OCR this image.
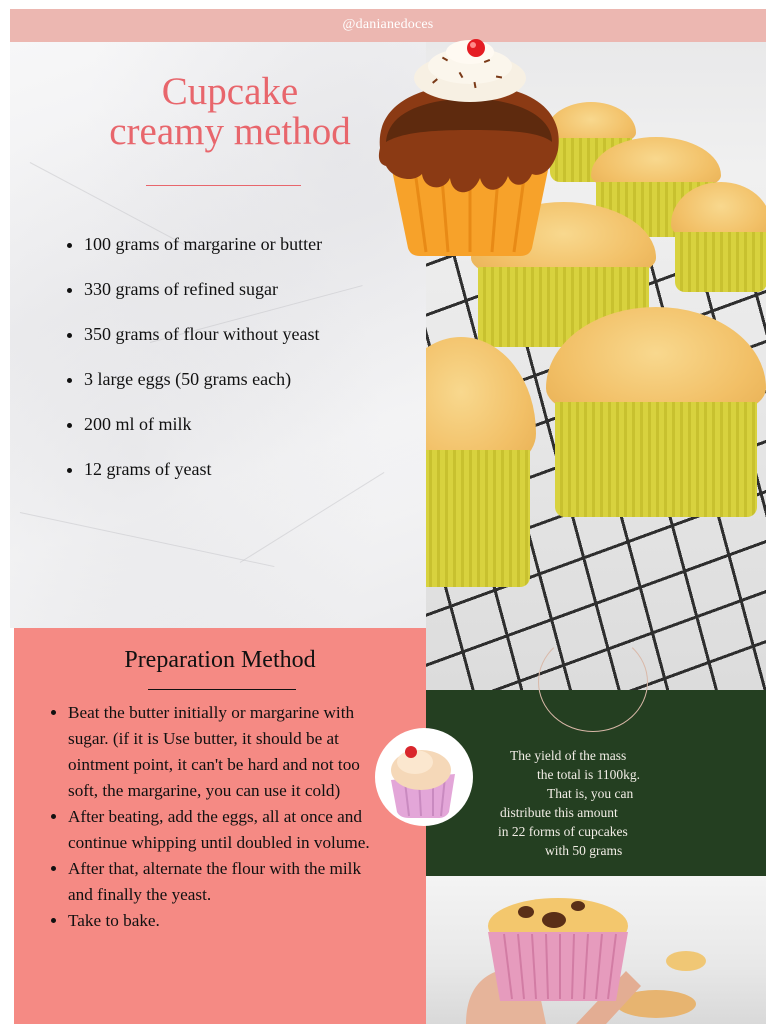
@danianedoces
Cupcake
creamy method
• 100 grams of margarine or butter
• 330 grams of refined sugar
• 350 grams of flour without yeast
• 3 large eggs (50 grams each)
• 200 ml of milk
• 12 grams of yeast
Preparation Method
• Beat the butter initially or margarine with sugar. (if it is Use butter, it should be at ointment point, it can't be hard and not too soft, the margarine, you can use it cold)
• After beating, add the eggs, all at once and continue whipping until doubled in volume.
• After that, alternate the flour with the milk and finally the yeast.
• Take to bake.
The yield of the mass
the total is 1100kg.
That is, you can
distribute this amount
in 22 forms of cupcakes
with 50 grams
